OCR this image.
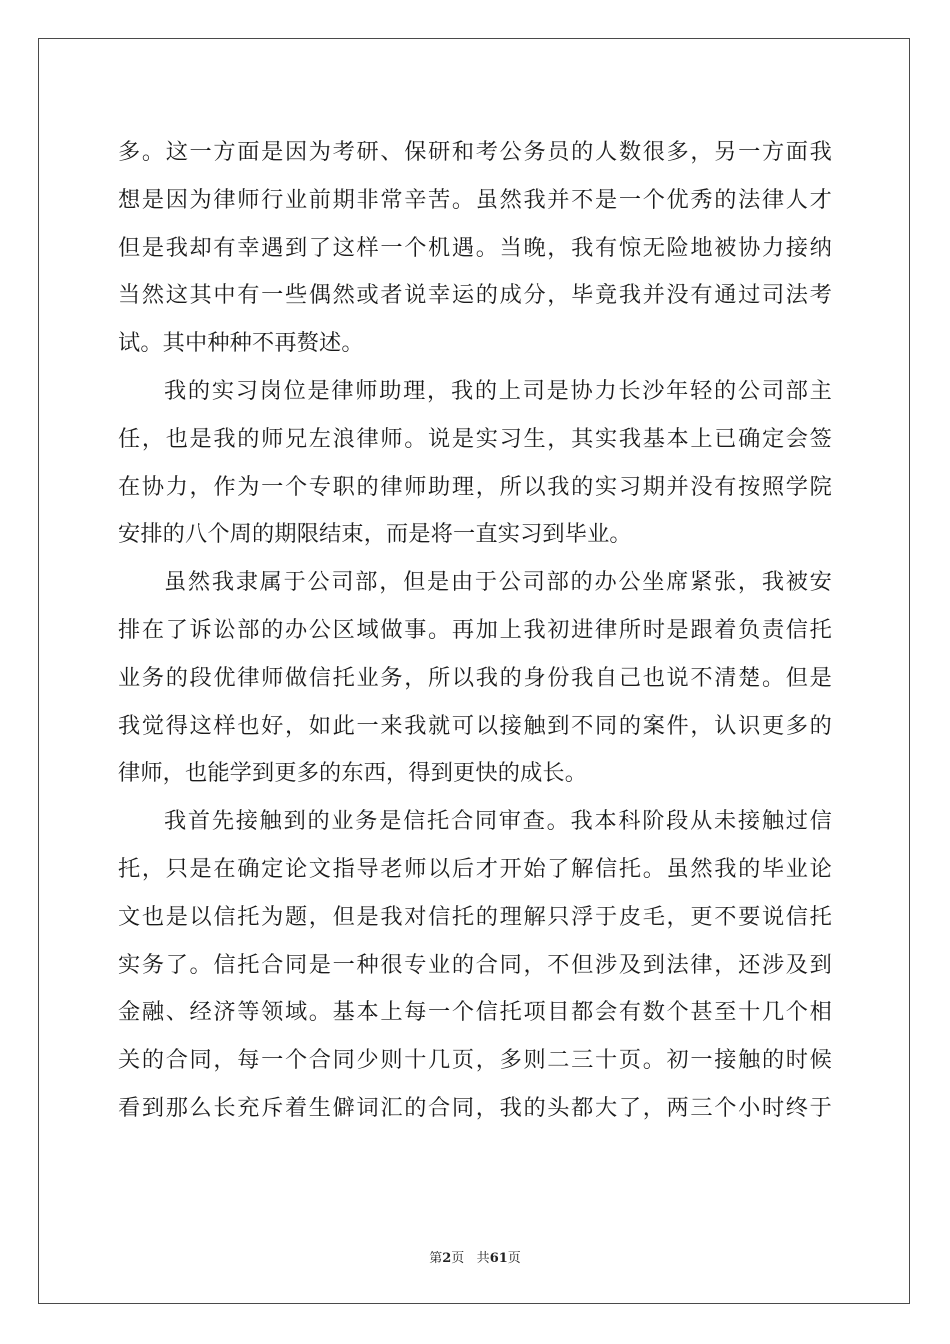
多。这一方面是因为考研、保研和考公务员的人数很多，另一方面我
想是因为律师行业前期非常辛苦。虽然我并不是一个优秀的法律人才
但是我却有幸遇到了这样一个机遇。当晚，我有惊无险地被协力接纳
当然这其中有一些偶然或者说幸运的成分，毕竟我并没有通过司法考
试。其中种种不再赘述。
我的实习岗位是律师助理，我的上司是协力长沙年轻的公司部主
任，也是我的师兄左浪律师。说是实习生，其实我基本上已确定会签
在协力，作为一个专职的律师助理，所以我的实习期并没有按照学院
安排的八个周的期限结束，而是将一直实习到毕业。
虽然我隶属于公司部，但是由于公司部的办公坐席紧张，我被安
排在了诉讼部的办公区域做事。再加上我初进律所时是跟着负责信托
业务的段优律师做信托业务，所以我的身份我自己也说不清楚。但是
我觉得这样也好，如此一来我就可以接触到不同的案件，认识更多的
律师，也能学到更多的东西，得到更快的成长。
我首先接触到的业务是信托合同审查。我本科阶段从未接触过信
托，只是在确定论文指导老师以后才开始了解信托。虽然我的毕业论
文也是以信托为题，但是我对信托的理解只浮于皮毛，更不要说信托
实务了。信托合同是一种很专业的合同，不但涉及到法律，还涉及到
金融、经济等领域。基本上每一个信托项目都会有数个甚至十几个相
关的合同，每一个合同少则十几页，多则二三十页。初一接触的时候
看到那么长充斥着生僻词汇的合同，我的头都大了，两三个小时终于
第2页 共61页
